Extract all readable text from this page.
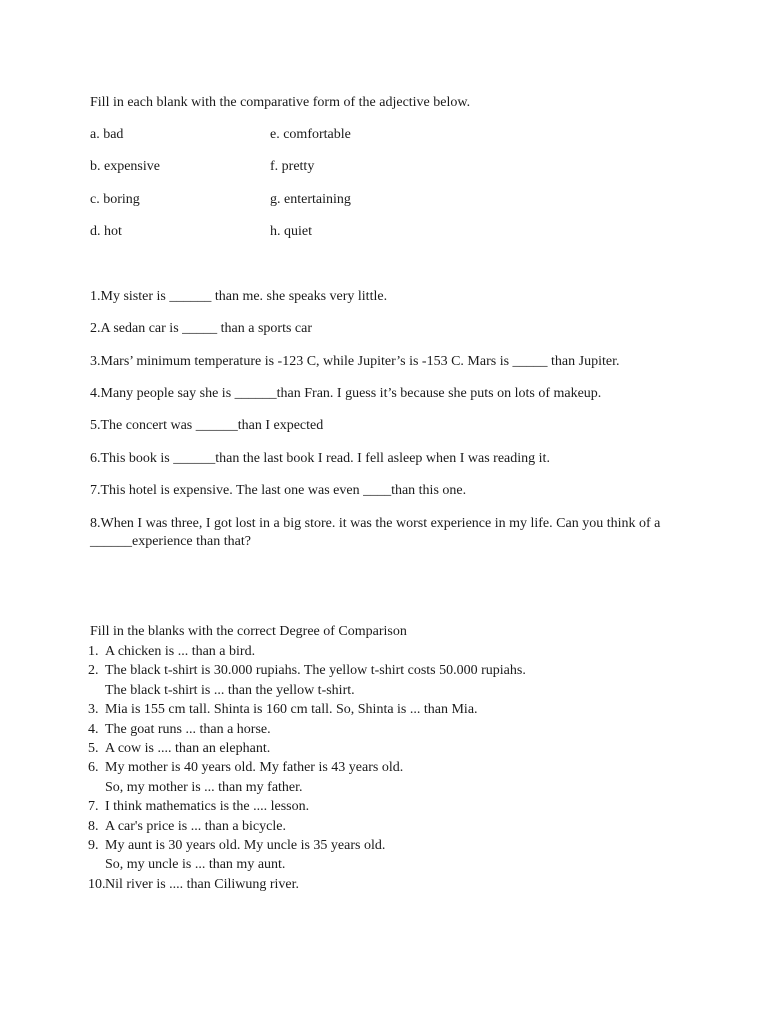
Fill in each blank with the comparative form of the adjective below.
a. bad	e. comfortable
b. expensive	f. pretty
c. boring	g. entertaining
d. hot	h. quiet
1.My sister is ______ than me. she speaks very little.
2.A sedan car is _____ than a sports car
3.Mars’ minimum temperature is -123 C, while Jupiter’s is -153 C. Mars is _____ than Jupiter.
4.Many people say she is ______than Fran. I guess it’s because she puts on lots of makeup.
5.The concert was ______than I expected
6.This book is ______than the last book I read. I fell asleep when I was reading it.
7.This hotel is expensive. The last one was even ____than this one.
8.When I was three, I got lost in a big store. it was the worst experience in my life. Can you think of a ______experience than that?
Fill in the blanks with the correct Degree of Comparison
1. A chicken is ... than a bird.
2. The black t-shirt is 30.000 rupiahs. The yellow t-shirt costs 50.000 rupiahs.
The black t-shirt is ... than the yellow t-shirt.
3. Mia is 155 cm tall. Shinta is 160 cm tall. So, Shinta is ... than Mia.
4. The goat runs ... than a horse.
5. A cow is .... than an elephant.
6. My mother is 40 years old. My father is 43 years old.
So, my mother is ... than my father.
7. I think mathematics is the .... lesson.
8. A car's price is ... than a bicycle.
9. My aunt is 30 years old. My uncle is 35 years old.
So, my uncle is ... than my aunt.
10. Nil river is .... than Ciliwung river.
